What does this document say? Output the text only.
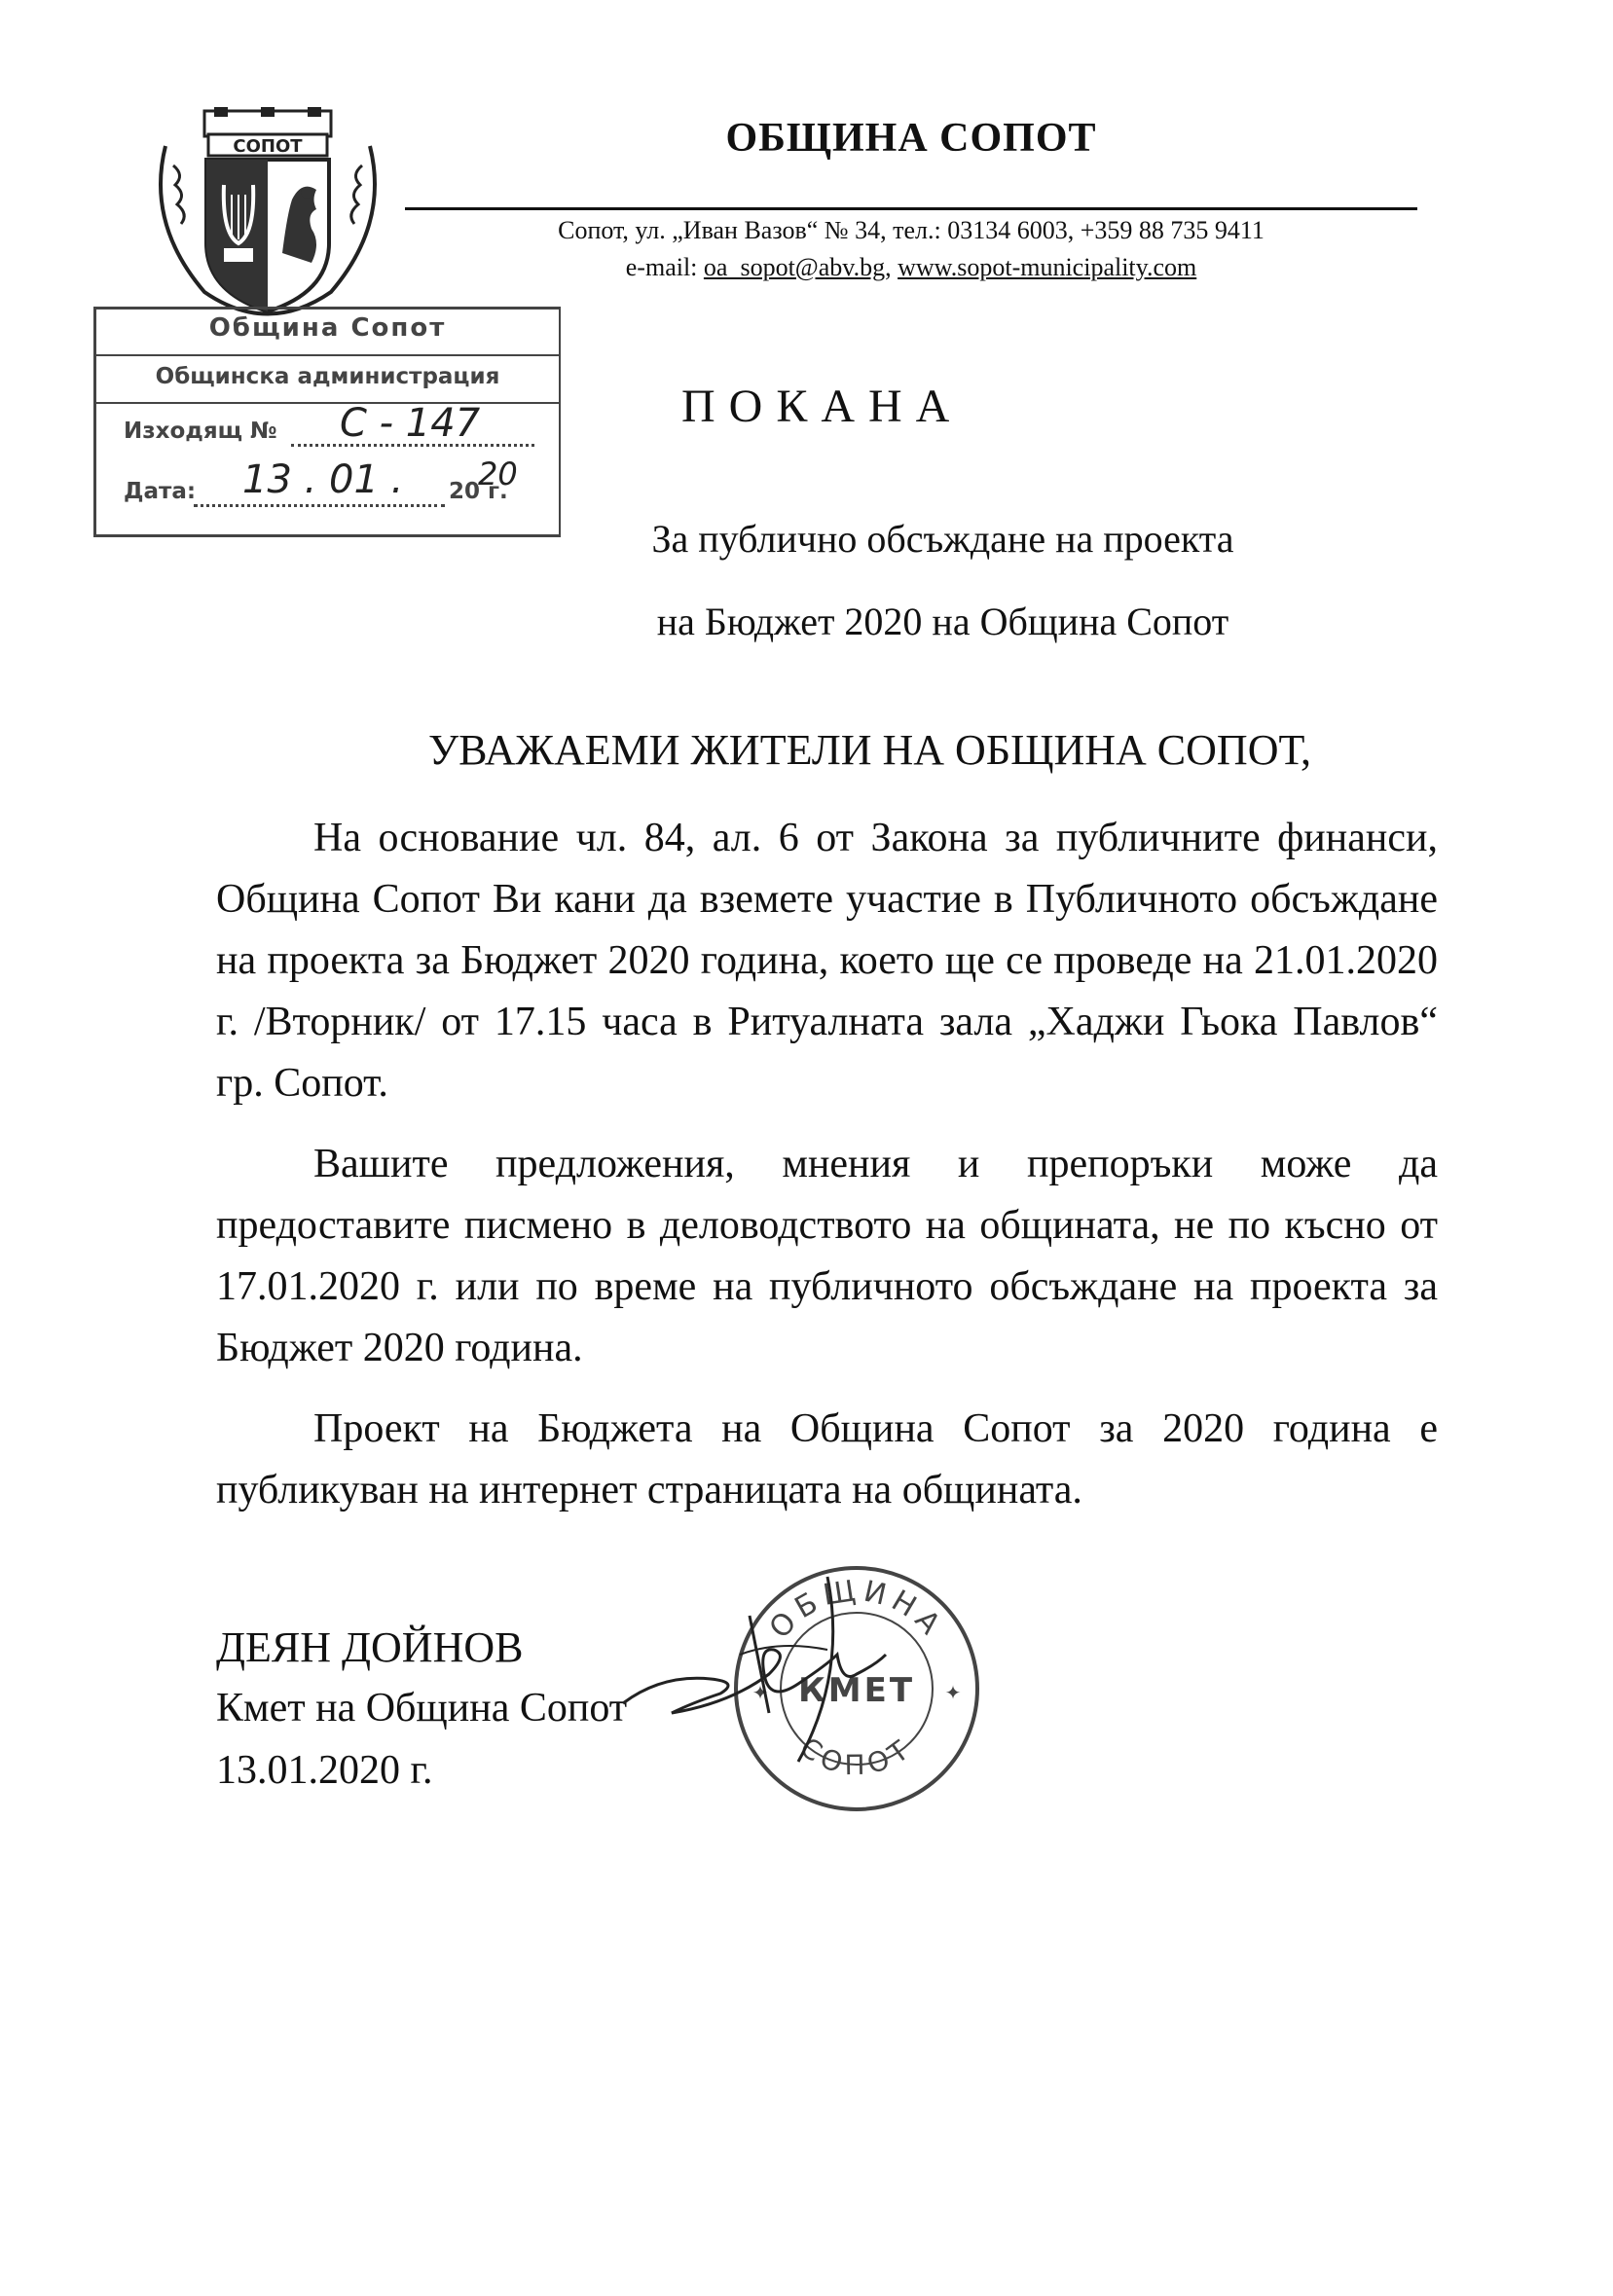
СОПОТ	ОБЩИНА СОПОТ
Сопот, ул. „Иван Вазов“ № 34, тел.: 03134 6003, +359 88 735 9411
e-mail: oa_sopot@abv.bg, www.sopot-municipality.com
Община Сопот
Общинска администрация
Изходящ № С - 147
Дата: 13 . 01 . 20 г.
20
ПОКАНА
За публично обсъждане на проекта
на Бюджет 2020 на Община Сопот
УВАЖАЕМИ ЖИТЕЛИ НА ОБЩИНА СОПОТ,

На основание чл. 84, ал. 6 от Закона за публичните финанси, Община Сопот Ви кани да вземете участие в Публичното обсъждане на проекта за Бюджет 2020 година, което ще се проведе на 21.01.2020 г. /Вторник/ от 17.15 часа в Ритуалната зала „Хаджи Гьока Павлов“ гр. Сопот.

Вашите предложения, мнения и препоръки може да предоставите писмено в деловодството на общината, не по късно от 17.01.2020 г. или по време на публичното обсъждане на проекта за Бюджет 2020 година.

Проект на Бюджета на Община Сопот за 2020 година е публикуван на интернет страницата на общината.

ДЕЯН ДОЙНОВ
Кмет на Община Сопот
13.01.2020 г.
ОБЩИНА
КМЕТ
СОПОТ
✦	✦
